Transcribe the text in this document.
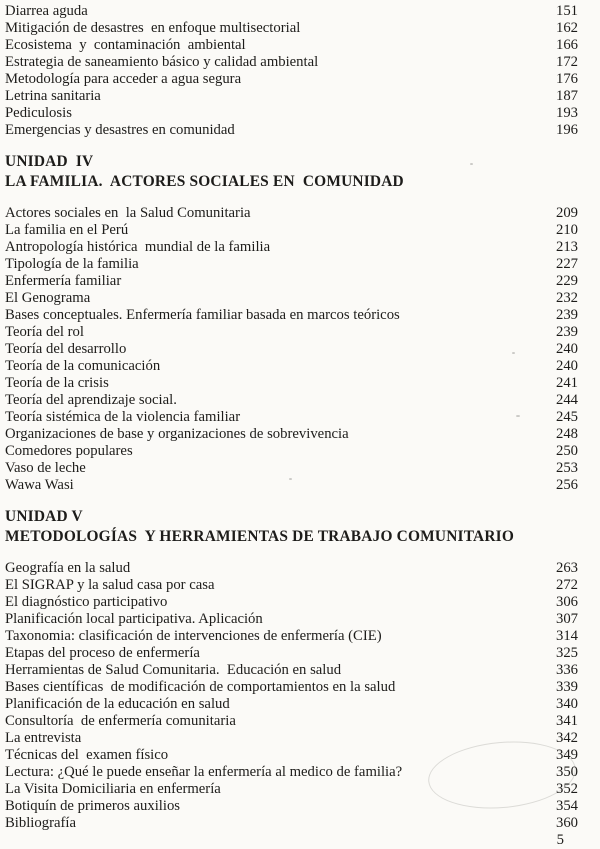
Diarrea aguda	151
Mitigación de desastres  en enfoque multisectorial	162
Ecosistema  y  contaminación  ambiental	166
Estrategia de saneamiento básico y calidad ambiental	172
Metodología para acceder a agua segura	176
Letrina sanitaria	187
Pediculosis	193
Emergencias y desastres en comunidad	196
UNIDAD  IV
LA FAMILIA.  ACTORES SOCIALES EN  COMUNIDAD
Actores sociales en  la Salud Comunitaria	209
La familia en el Perú	210
Antropología histórica  mundial de la familia	213
Tipología de la familia	227
Enfermería familiar	229
El Genograma	232
Bases conceptuales. Enfermería familiar basada en marcos teóricos	239
Teoría del rol	239
Teoría del desarrollo	240
Teoría de la comunicación	240
Teoría de la crisis	241
Teoría del aprendizaje social.	244
Teoría sistémica de la violencia familiar	245
Organizaciones de base y organizaciones de sobrevivencia	248
Comedores populares	250
Vaso de leche	253
Wawa Wasi	256
UNIDAD V
METODOLOGÍAS  Y HERRAMIENTAS DE TRABAJO COMUNITARIO
Geografía en la salud	263
El SIGRAP y la salud casa por casa	272
El diagnóstico participativo	306
Planificación local participativa. Aplicación	307
Taxonomia: clasificación de intervenciones de enfermería (CIE)	314
Etapas del proceso de enfermería	325
Herramientas de Salud Comunitaria.  Educación en salud	336
Bases científicas  de modificación de comportamientos en la salud	339
Planificación de la educación en salud	340
Consultoría  de enfermería comunitaria	341
La entrevista	342
Técnicas del  examen físico	349
Lectura: ¿Qué le puede enseñar la enfermería al medico de familia?	350
La Visita Domiciliaria en enfermería	352
Botiquín de primeros auxilios	354
Bibliografía	360
5
